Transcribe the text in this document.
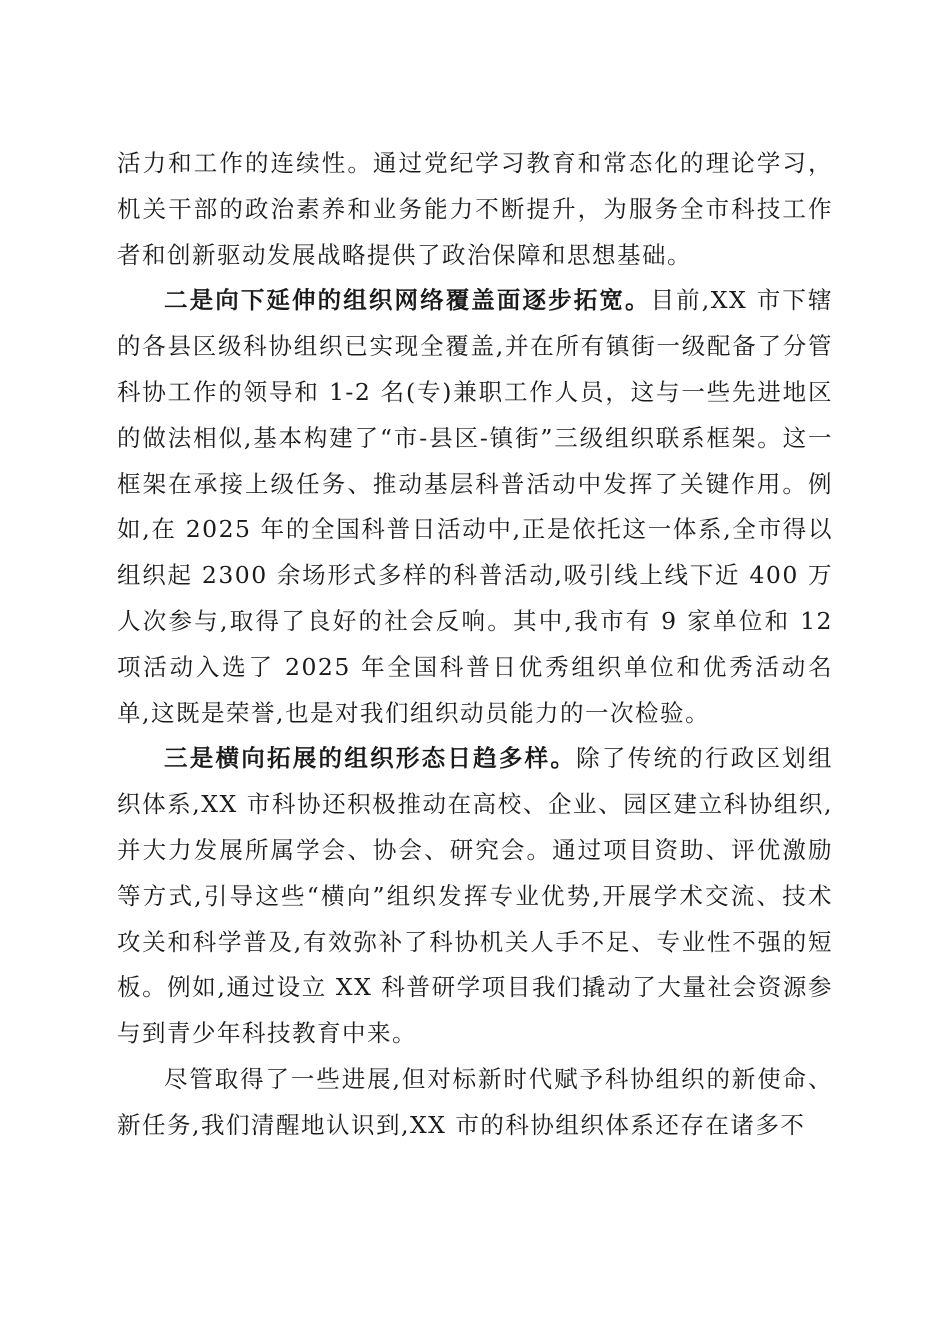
活力和工作的连续性。通过党纪学习教育和常态化的理论学习，机关干部的政治素养和业务能力不断提升，为服务全市科技工作者和创新驱动发展战略提供了政治保障和思想基础。

二是向下延伸的组织网络覆盖面逐步拓宽。目前,XX 市下辖的各县区级科协组织已实现全覆盖,并在所有镇街一级配备了分管科协工作的领导和 1-2 名(专)兼职工作人员，这与一些先进地区的做法相似,基本构建了“市-县区-镇街”三级组织联系框架。这一框架在承接上级任务、推动基层科普活动中发挥了关键作用。例如,在 2025 年的全国科普日活动中,正是依托这一体系,全市得以组织起 2300 余场形式多样的科普活动,吸引线上线下近 400 万人次参与,取得了良好的社会反响。其中,我市有 9 家单位和 12 项活动入选了 2025 年全国科普日优秀组织单位和优秀活动名单,这既是荣誉,也是对我们组织动员能力的一次检验。

三是横向拓展的组织形态日趋多样。除了传统的行政区划组织体系,XX 市科协还积极推动在高校、企业、园区建立科协组织,并大力发展所属学会、协会、研究会。通过项目资助、评优激励等方式,引导这些“横向”组织发挥专业优势,开展学术交流、技术攻关和科学普及,有效弥补了科协机关人手不足、专业性不强的短板。例如,通过设立 XX 科普研学项目我们撬动了大量社会资源参与到青少年科技教育中来。

尽管取得了一些进展,但对标新时代赋予科协组织的新使命、新任务,我们清醒地认识到,XX 市的科协组织体系还存在诸多不
